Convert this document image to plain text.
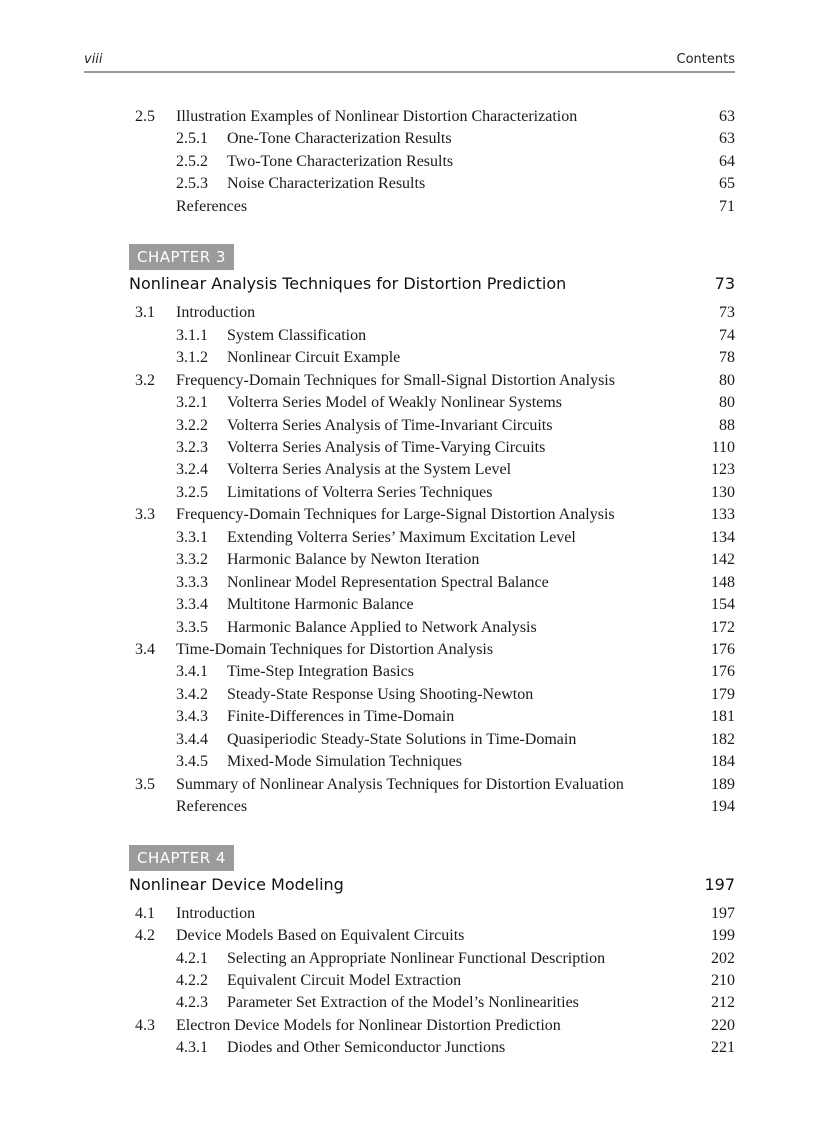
viii	Contents
2.5 Illustration Examples of Nonlinear Distortion Characterization	63
2.5.1 One-Tone Characterization Results	63
2.5.2 Two-Tone Characterization Results	64
2.5.3 Noise Characterization Results	65
References	71
CHAPTER 3
Nonlinear Analysis Techniques for Distortion Prediction	73
3.1 Introduction	73
3.1.1 System Classification	74
3.1.2 Nonlinear Circuit Example	78
3.2 Frequency-Domain Techniques for Small-Signal Distortion Analysis	80
3.2.1 Volterra Series Model of Weakly Nonlinear Systems	80
3.2.2 Volterra Series Analysis of Time-Invariant Circuits	88
3.2.3 Volterra Series Analysis of Time-Varying Circuits	110
3.2.4 Volterra Series Analysis at the System Level	123
3.2.5 Limitations of Volterra Series Techniques	130
3.3 Frequency-Domain Techniques for Large-Signal Distortion Analysis	133
3.3.1 Extending Volterra Series’ Maximum Excitation Level	134
3.3.2 Harmonic Balance by Newton Iteration	142
3.3.3 Nonlinear Model Representation Spectral Balance	148
3.3.4 Multitone Harmonic Balance	154
3.3.5 Harmonic Balance Applied to Network Analysis	172
3.4 Time-Domain Techniques for Distortion Analysis	176
3.4.1 Time-Step Integration Basics	176
3.4.2 Steady-State Response Using Shooting-Newton	179
3.4.3 Finite-Differences in Time-Domain	181
3.4.4 Quasiperiodic Steady-State Solutions in Time-Domain	182
3.4.5 Mixed-Mode Simulation Techniques	184
3.5 Summary of Nonlinear Analysis Techniques for Distortion Evaluation	189
References	194
CHAPTER 4
Nonlinear Device Modeling	197
4.1 Introduction	197
4.2 Device Models Based on Equivalent Circuits	199
4.2.1 Selecting an Appropriate Nonlinear Functional Description	202
4.2.2 Equivalent Circuit Model Extraction	210
4.2.3 Parameter Set Extraction of the Model’s Nonlinearities	212
4.3 Electron Device Models for Nonlinear Distortion Prediction	220
4.3.1 Diodes and Other Semiconductor Junctions	221
